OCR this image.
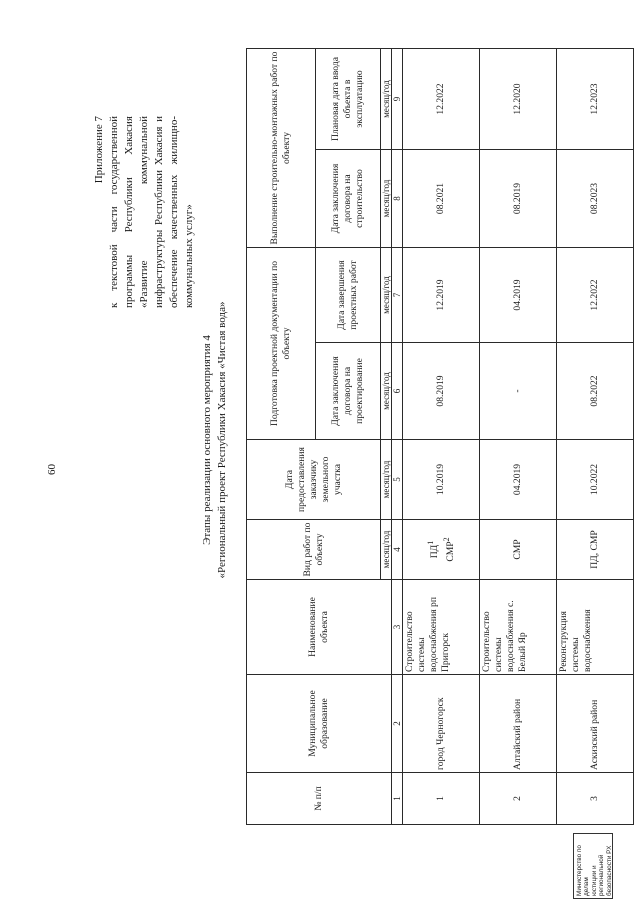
60
Приложение 7 к текстовой части государственной программы Республики Хакасия «Развитие коммунальной инфраструктуры Республики Хакасия и обеспечение качественных жилищно-коммунальных услуг»
Этапы реализации основного мероприятия 4 «Региональный проект Республики Хакасия «Чистая вода»
№ п/п	Муниципальное образование	Наименование объекта	Вид работ по объекту	Дата предоставления заказчику земельного участка	Подготовка проектной документации по объекту		Выполнение строительно-монтажных работ по объекту	
					Дата заключения договора на проектирование	Дата завершения проектных работ	Дата заключения договора на строительство	Плановая дата ввода объекта в эксплуатацию
			месяц/год	месяц/год	месяц/год	месяц/год	месяц/год	месяц/год
1	2	3	4	5	6	7	8	9
1	город Черногорск	Строительство системы водоснабжения рп Пригорск	$ПД^1$ СМР$^2$	10.2019	08.2019	12.2019	08.2021	12.2022
2	Алтайский район	Строительство системы водоснабжения с. Белый Яр	СМР	04.2019	-	04.2019	08.2019	12.2020
3	Аскизский район	Реконструкция системы водоснабжения	ПД, СМР	10.2022	08.2022	12.2022	08.2023	12.2023
Министерство по делам юстиции и региональной безопасности РХ
